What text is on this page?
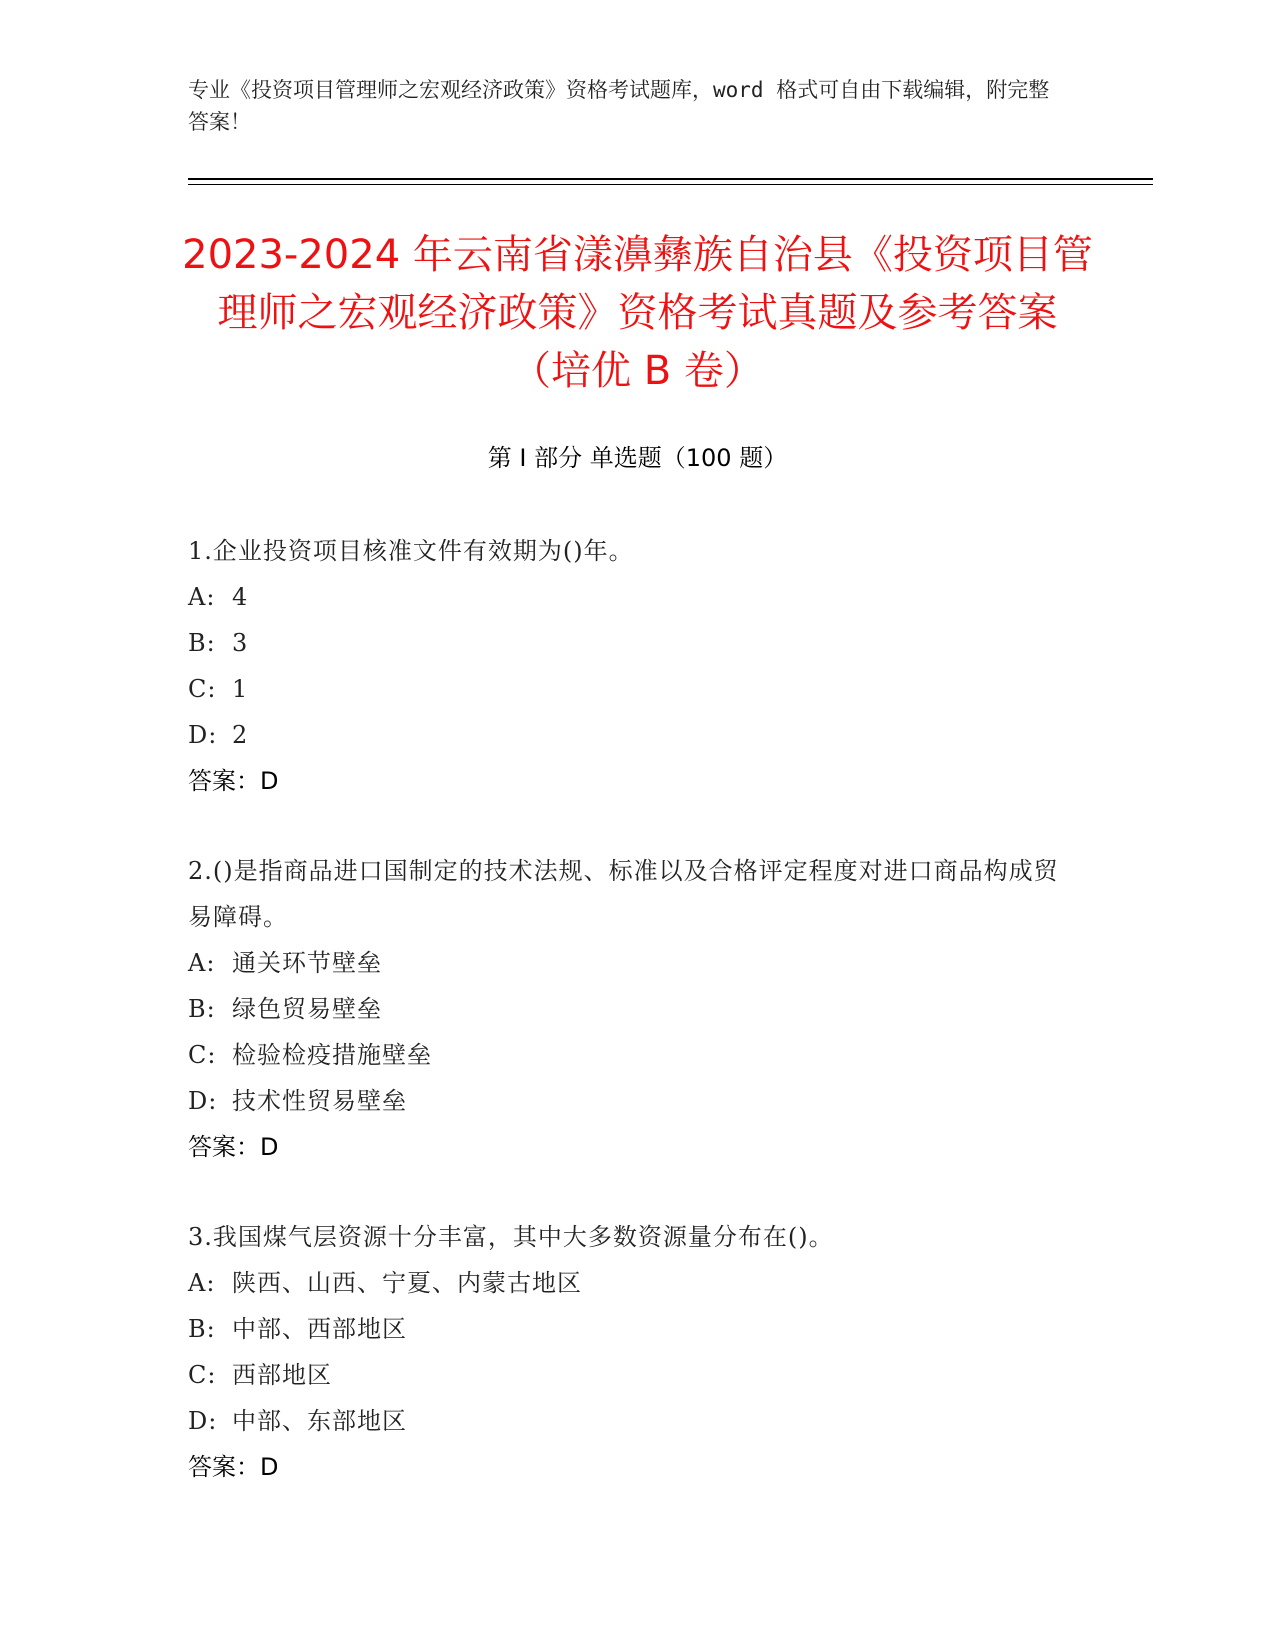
专业《投资项目管理师之宏观经济政策》资格考试题库，word 格式可自由下载编辑，附完整答案！
2023-2024 年云南省漾濞彝族自治县《投资项目管理师之宏观经济政策》资格考试真题及参考答案（培优 B 卷）
第 I 部分 单选题（100 题）
1.企业投资项目核准文件有效期为()年。
A: 4
B: 3
C: 1
D: 2
答案：D
2.()是指商品进口国制定的技术法规、标准以及合格评定程度对进口商品构成贸易障碍。
A: 通关环节壁垒
B: 绿色贸易壁垒
C: 检验检疫措施壁垒
D: 技术性贸易壁垒
答案：D
3.我国煤气层资源十分丰富，其中大多数资源量分布在()。
A: 陕西、山西、宁夏、内蒙古地区
B: 中部、西部地区
C: 西部地区
D: 中部、东部地区
答案：D
